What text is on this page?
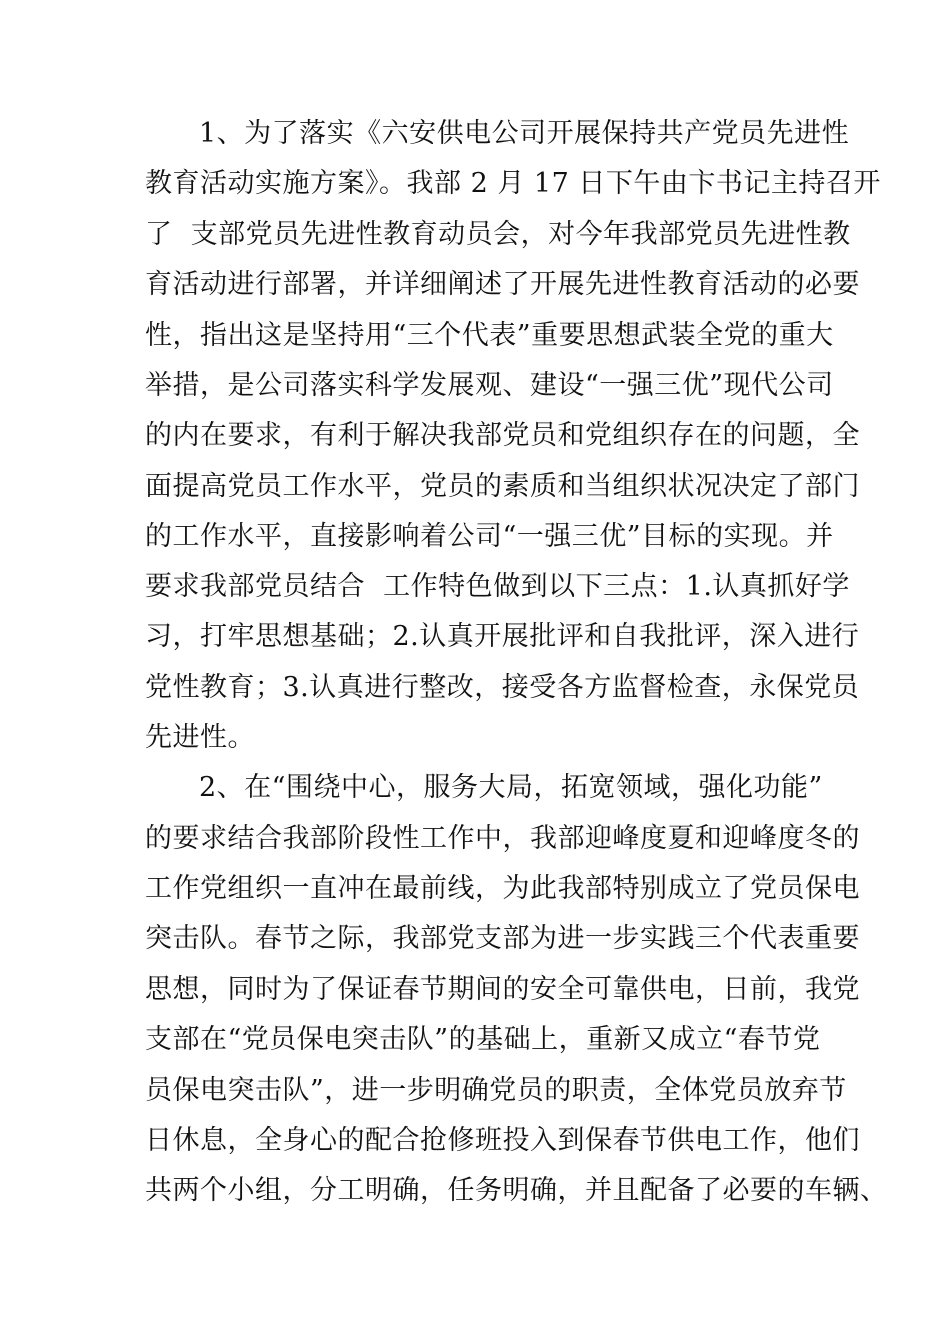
1、为了落实《六安供电公司开展保持共产党员先进性
教育活动实施方案》。我部 2 月 17 日下午由卞书记主持召开
了  支部党员先进性教育动员会，对今年我部党员先进性教
育活动进行部署，并详细阐述了开展先进性教育活动的必要
性，指出这是坚持用“三个代表”重要思想武装全党的重大
举措，是公司落实科学发展观、建设“一强三优”现代公司
的内在要求，有利于解决我部党员和党组织存在的问题，全
面提高党员工作水平，党员的素质和当组织状况决定了部门
的工作水平，直接影响着公司“一强三优”目标的实现。并
要求我部党员结合  工作特色做到以下三点：1.认真抓好学
习，打牢思想基础；2.认真开展批评和自我批评，深入进行
党性教育；3.认真进行整改，接受各方监督检查，永保党员
先进性。
2、在“围绕中心，服务大局，拓宽领域，强化功能”
的要求结合我部阶段性工作中，我部迎峰度夏和迎峰度冬的
工作党组织一直冲在最前线，为此我部特别成立了党员保电
突击队。春节之际，我部党支部为进一步实践三个代表重要
思想，同时为了保证春节期间的安全可靠供电，日前，我党
支部在“党员保电突击队”的基础上，重新又成立“春节党
员保电突击队”，进一步明确党员的职责，全体党员放弃节
日休息，全身心的配合抢修班投入到保春节供电工作，他们
共两个小组，分工明确，任务明确，并且配备了必要的车辆、
